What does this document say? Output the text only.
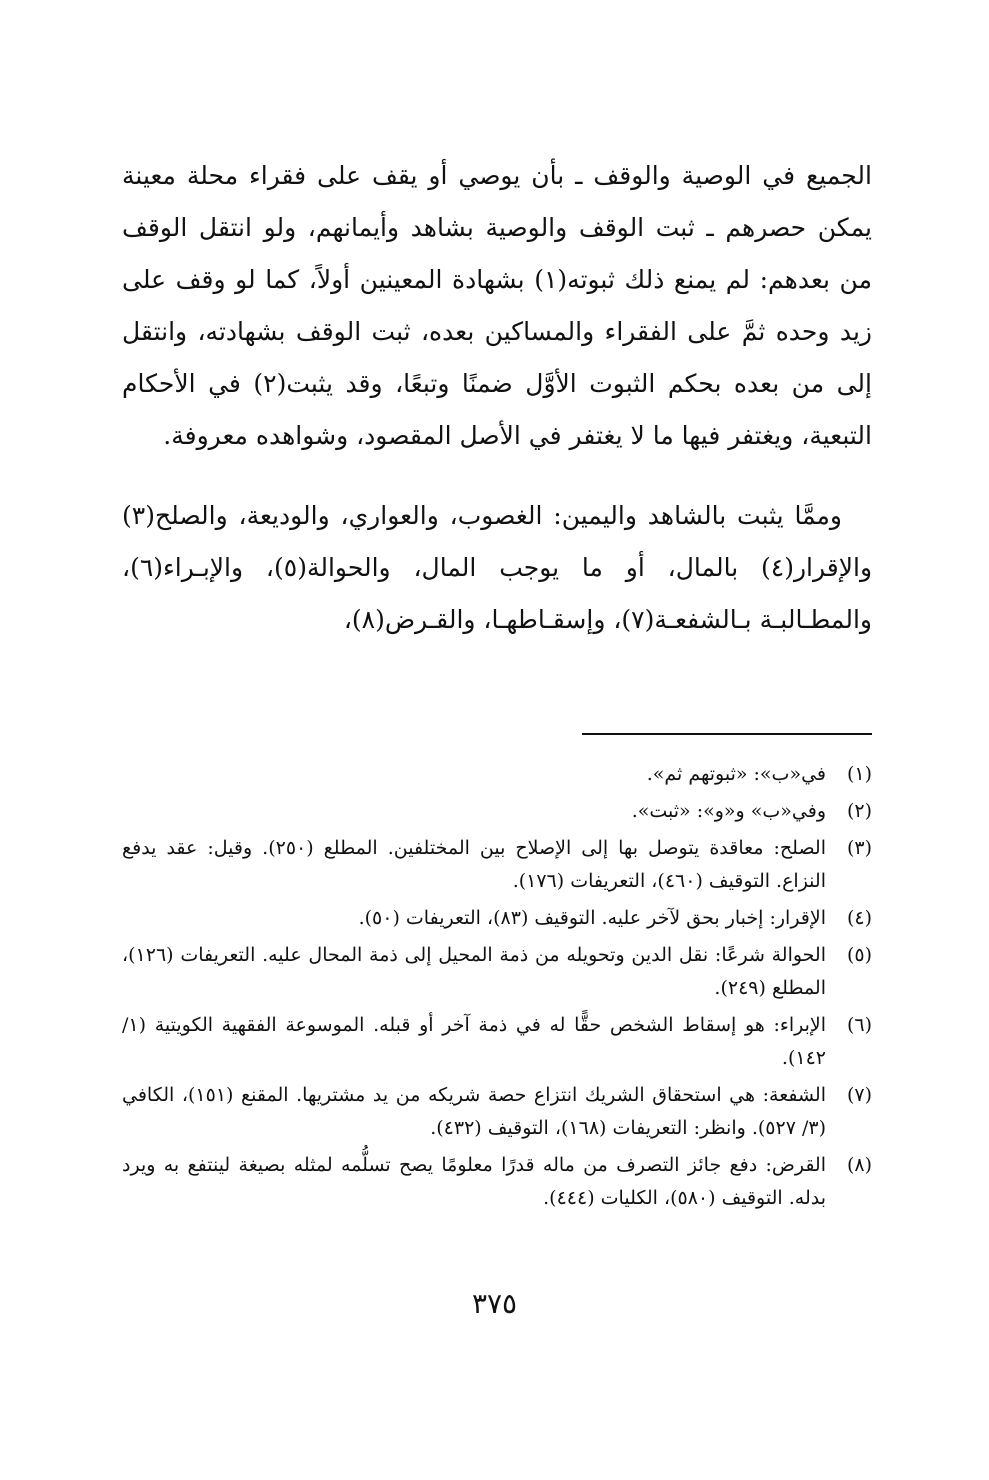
الجميع في الوصية والوقف ـ بأن يوصي أو يقف على فقراء محلة معينة يمكن حصرهم ـ ثبت الوقف والوصية بشاهد وأيمانهم، ولو انتقل الوقف من بعدهم: لم يمنع ذلك ثبوته(١) بشهادة المعينين أولاً، كما لو وقف على زيد وحده ثمَّ على الفقراء والمساكين بعده، ثبت الوقف بشهادته، وانتقل إلى من بعده بحكم الثبوت الأوَّل ضمنًا وتبعًا، وقد يثبت(٢) في الأحكام التبعية، ويغتفر فيها ما لا يغتفر في الأصل المقصود، وشواهده معروفة.

وممَّا يثبت بالشاهد واليمين: الغصوب، والعواري، والوديعة، والصلح(٣) والإقرار(٤) بالمال، أو ما يوجب المال، والحوالة(٥)، والإبـراء(٦)، والمطـالبـة بـالشفعـة(٧)، وإسقـاطهـا، والقـرض(٨)،

(١)
في«ب»: «ثبوتهم ثم».
(٢)
وفي«ب» و«و»: «ثبت».
(٣)
الصلح: معاقدة يتوصل بها إلى الإصلاح بين المختلفين. المطلع (٢٥٠). وقيل: عقد يدفع النزاع. التوقيف (٤٦٠)، التعريفات (١٧٦).
(٤)
الإقرار: إخبار بحق لآخر عليه. التوقيف (٨٣)، التعريفات (٥٠).
(٥)
الحوالة شرعًا: نقل الدين وتحويله من ذمة المحيل إلى ذمة المحال عليه. التعريفات (١٢٦)، المطلع (٢٤٩).
(٦)
الإبراء: هو إسقاط الشخص حقًّا له في ذمة آخر أو قبله. الموسوعة الفقهية الكويتية (١/ ١٤٢).
(٧)
الشفعة: هي استحقاق الشريك انتزاع حصة شريكه من يد مشتريها. المقنع (١٥١)، الكافي (٣/ ٥٢٧). وانظر: التعريفات (١٦٨)، التوقيف (٤٣٢).
(٨)
القرض: دفع جائز التصرف من ماله قدرًا معلومًا يصح تسلُّمه لمثله بصيغة لينتفع به ويرد بدله. التوقيف (٥٨٠)، الكليات (٤٤٤).
٣٧٥
